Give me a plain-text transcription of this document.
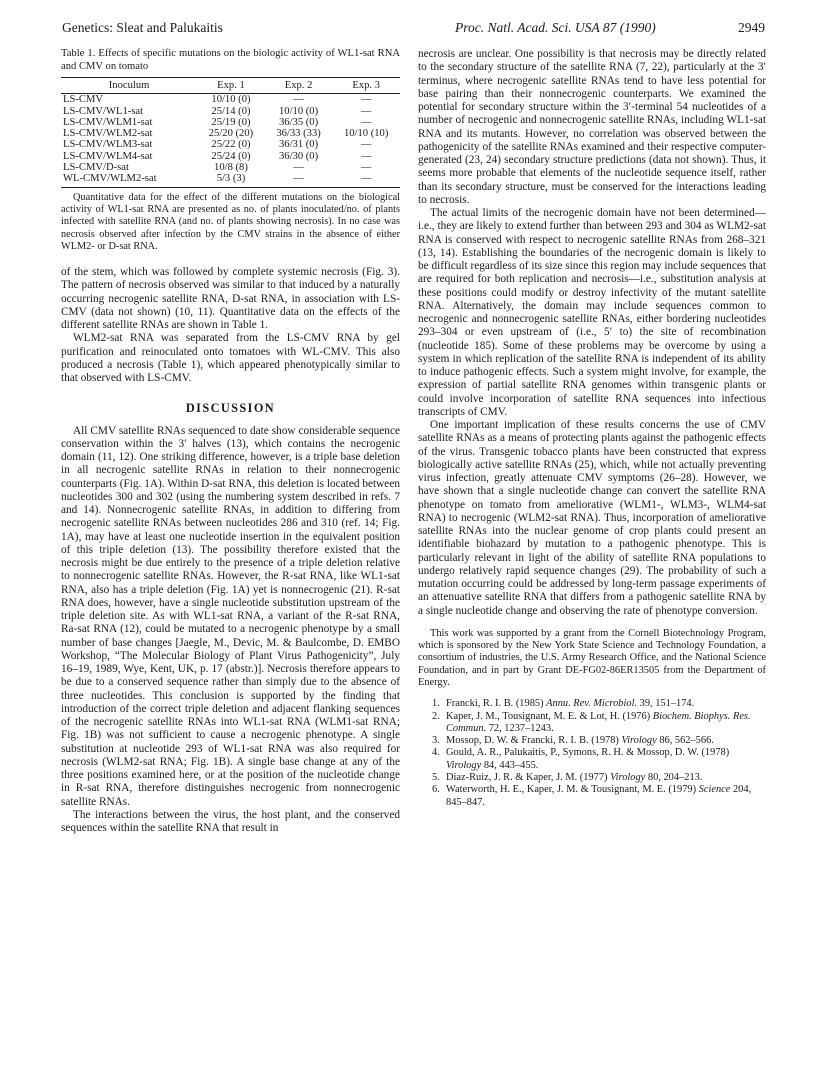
Genetics: Sleat and Palukaitis	Proc. Natl. Acad. Sci. USA 87 (1990)	2949

Table 1. Effects of specific mutations on the biologic activity of WL1-sat RNA and CMV on tomato

Inoculum	Exp. 1	Exp. 2	Exp. 3
LS-CMV	10/10 (0)	—	—
LS-CMV/WL1-sat	25/14 (0)	10/10 (0)	—
LS-CMV/WLM1-sat	25/19 (0)	36/35 (0)	—
LS-CMV/WLM2-sat	25/20 (20)	36/33 (33)	10/10 (10)
LS-CMV/WLM3-sat	25/22 (0)	36/31 (0)	—
LS-CMV/WLM4-sat	25/24 (0)	36/30 (0)	—
LS-CMV/D-sat	10/8 (8)	—	—
WL-CMV/WLM2-sat	5/3 (3)	—	—

Quantitative data for the effect of the different mutations on the biological activity of WL1-sat RNA are presented as no. of plants inoculated/no. of plants infected with satellite RNA (and no. of plants showing necrosis). In no case was necrosis observed after infection by the CMV strains in the absence of either WLM2- or D-sat RNA.

of the stem, which was followed by complete systemic necrosis (Fig. 3). The pattern of necrosis observed was similar to that induced by a naturally occurring necrogenic satellite RNA, D-sat RNA, in association with LS-CMV (data not shown) (10, 11). Quantitative data on the effects of the different satellite RNAs are shown in Table 1.

WLM2-sat RNA was separated from the LS-CMV RNA by gel purification and reinoculated onto tomatoes with WL-CMV. This also produced a necrosis (Table 1), which appeared phenotypically similar to that observed with LS-CMV.

DISCUSSION

All CMV satellite RNAs sequenced to date show considerable sequence conservation within the 3′ halves (13), which contains the necrogenic domain (11, 12). One striking difference, however, is a triple base deletion in all necrogenic satellite RNAs in relation to their nonnecrogenic counterparts (Fig. 1A). Within D-sat RNA, this deletion is located between nucleotides 300 and 302 (using the numbering system described in refs. 7 and 14). Nonnecrogenic satellite RNAs, in addition to differing from necrogenic satellite RNAs between nucleotides 286 and 310 (ref. 14; Fig. 1A), may have at least one nucleotide insertion in the equivalent position of this triple deletion (13). The possibility therefore existed that the necrosis might be due entirely to the presence of a triple deletion relative to nonnecrogenic satellite RNAs. However, the R-sat RNA, like WL1-sat RNA, also has a triple deletion (Fig. 1A) yet is nonnecrogenic (21). R-sat RNA does, however, have a single nucleotide substitution upstream of the triple deletion site. As with WL1-sat RNA, a variant of the R-sat RNA, Ra-sat RNA (12), could be mutated to a necrogenic phenotype by a small number of base changes [Jaegle, M., Devic, M. & Baulcombe, D. EMBO Workshop, “The Molecular Biology of Plant Virus Pathogenicity”, July 16–19, 1989, Wye, Kent, UK, p. 17 (abstr.)]. Necrosis therefore appears to be due to a conserved sequence rather than simply due to the absence of three nucleotides. This conclusion is supported by the finding that introduction of the correct triple deletion and adjacent flanking sequences of the necrogenic satellite RNAs into WL1-sat RNA (WLM1-sat RNA; Fig. 1B) was not sufficient to cause a necrogenic phenotype. A single substitution at nucleotide 293 of WL1-sat RNA was also required for necrosis (WLM2-sat RNA; Fig. 1B). A single base change at any of the three positions examined here, or at the position of the nucleotide change in R-sat RNA, therefore distinguishes necrogenic from nonnecrogenic satellite RNAs.

The interactions between the virus, the host plant, and the conserved sequences within the satellite RNA that result in

necrosis are unclear. One possibility is that necrosis may be directly related to the secondary structure of the satellite RNA (7, 22), particularly at the 3′ terminus, where necrogenic satellite RNAs tend to have less potential for base pairing than their nonnecrogenic counterparts. We examined the potential for secondary structure within the 3′-terminal 54 nucleotides of a number of necrogenic and nonnecrogenic satellite RNAs, including WL1-sat RNA and its mutants. However, no correlation was observed between the pathogenicity of the satellite RNAs examined and their respective computer-generated (23, 24) secondary structure predictions (data not shown). Thus, it seems more probable that elements of the nucleotide sequence itself, rather than its secondary structure, must be conserved for the interactions leading to necrosis.

The actual limits of the necrogenic domain have not been determined—i.e., they are likely to extend further than between 293 and 304 as WLM2-sat RNA is conserved with respect to necrogenic satellite RNAs from 268–321 (13, 14). Establishing the boundaries of the necrogenic domain is likely to be difficult regardless of its size since this region may include sequences that are required for both replication and necrosis—i.e., substitution analysis at these positions could modify or destroy infectivity of the mutant satellite RNA. Alternatively, the domain may include sequences common to necrogenic and nonnecrogenic satellite RNAs, either bordering nucleotides 293–304 or even upstream of (i.e., 5′ to) the site of recombination (nucleotide 185). Some of these problems may be overcome by using a system in which replication of the satellite RNA is independent of its ability to induce pathogenic effects. Such a system might involve, for example, the expression of partial satellite RNA genomes within transgenic plants or could involve incorporation of satellite RNA sequences into infectious transcripts of CMV.

One important implication of these results concerns the use of CMV satellite RNAs as a means of protecting plants against the pathogenic effects of the virus. Transgenic tobacco plants have been constructed that express biologically active satellite RNAs (25), which, while not actually preventing virus infection, greatly attenuate CMV symptoms (26–28). However, we have shown that a single nucleotide change can convert the satellite RNA phenotype on tomato from ameliorative (WLM1-, WLM3-, WLM4-sat RNA) to necrogenic (WLM2-sat RNA). Thus, incorporation of ameliorative satellite RNAs into the nuclear genome of crop plants could present an identifiable biohazard by mutation to a pathogenic phenotype. This is particularly relevant in light of the ability of satellite RNA populations to undergo relatively rapid sequence changes (29). The probability of such a mutation occurring could be addressed by long-term passage experiments of an attenuative satellite RNA that differs from a pathogenic satellite RNA by a single nucleotide change and observing the rate of phenotype conversion.

This work was supported by a grant from the Cornell Biotechnology Program, which is sponsored by the New York State Science and Technology Foundation, a consortium of industries, the U.S. Army Research Office, and the National Science Foundation, and in part by Grant DE-FG02-86ER13505 from the Department of Energy.

1. Francki, R. I. B. (1985) Annu. Rev. Microbiol. 39, 151–174.
2. Kaper, J. M., Tousignant, M. E. & Lot, H. (1976) Biochem. Biophys. Res. Commun. 72, 1237–1243.
3. Mossop, D. W. & Francki, R. I. B. (1978) Virology 86, 562–566.
4. Gould, A. R., Palukaitis, P., Symons, R. H. & Mossop, D. W. (1978) Virology 84, 443–455.
5. Diaz-Ruiz, J. R. & Kaper, J. M. (1977) Virology 80, 204–213.
6. Waterworth, H. E., Kaper, J. M. & Tousignant, M. E. (1979) Science 204, 845–847.
